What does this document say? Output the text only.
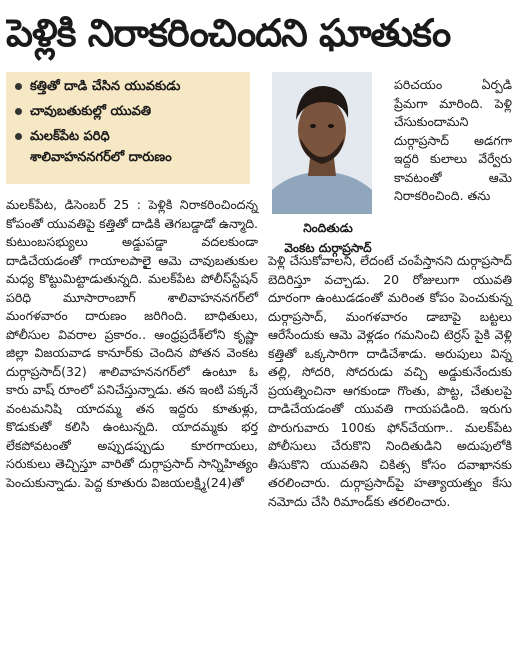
పెళ్లికి నిరాకరించిందని ఘాతుకం
కత్తితో దాడి చేసిన యువకుడు
చావుబతుకుల్లో యువతి
మలక్‌పేట పరిధి
శాలివాహననగర్‌లో దారుణం
నిందితుడు
వెంకట దుర్గాప్రసాద్

పరిచయం ఏర్పడి ప్రేమగా మారింది. పెళ్లి చేసుకుందామని దుర్గాప్రసాద్ అడగగా ఇద్దరి కులాలు వేర్వేరు కావటంతో ఆమె నిరాకరించింది. తను

మలక్‌పేట, డిసెంబర్ 25 : పెళ్లికి నిరాకరించిందన్న కోపంతో యువతిపై కత్తితో దాడికి తెగబడ్డాడో ఉన్మాది. కుటుంబసభ్యులు అడ్డుపడ్డా వదలకుండా దాడిచేయడంతో గాయాలపాలైై ఆమె చావుబతుకుల మధ్య కొట్టుమిట్టాడుతున్నది. మలక్‌పేట పోలీస్‌స్టేషన్ పరిధి మూసారాంబాగ్ శాలివాహననగర్‌లో మంగళవారం దారుణం జరిగింది. బాధితులు, పోలీసుల వివరాల ప్రకారం.. ఆంధ్రప్రదేశ్‌లోని కృష్ణా జిల్లా విజయవాడ కానూర్‌కు చెందిన పోతన వెంకట దుర్గాప్రసాద్(32) శాలివాహననగర్‌లో ఉంటూ ఓ కారు వాష్ రూంలో పనిచేస్తున్నాడు. తన ఇంటి పక్కనే వంటమనిషి యాదమ్మ తన ఇద్దరు కూతుళ్లు, కొడుకుతో కలిసి ఉంటున్నది. యాదమ్మకు భర్త లేకపోవటంతో అప్పుడప్పుడు కూరగాయలు, సరుకులు తెచ్చిస్తూ వారితో దుర్గాప్రసాద్ సాన్నిహిత్యం పెంచుకున్నాడు. పెద్ద కూతురు విజయలక్ష్మి(24)తో

పెళ్లి చేసుకోవాలని, లేదంటే చంపేస్తానని దుర్గాప్రసాద్ బెదిరిస్తూ వచ్చాడు. 20 రోజులుగా యువతి దూరంగా ఉంటుడడంతో మరింత కోపం పెంచుకున్న దుర్గాప్రసాద్, మంగళవారం డాబాపై బట్టలు ఆరేసేందుకు ఆమె వెళ్లడం గమనించి టెర్రస్ పైకి వెళ్లి కత్తితో ఒక్కసారిగా దాడిచేశాడు. అరుపులు విన్న తల్లి, సోదరి, సోదరుడు వచ్చి అడ్డుకునేందుకు ప్రయత్నించినా ఆగకుండా గొంతు, పొట్ట, చేతులపై దాడిచేయడంతో యువతి గాయపడింది. ఇరుగు పొరుగువారు 100కు ఫోన్‌చేయగా.. మలక్‌పేట పోలీసులు చేరుకొని నిందితుడిని అదుపులోకి తీసుకొని యువతిని చికిత్స కోసం దవాఖానకు తరలించారు. దుర్గాప్రసాద్‌పై హత్యాయత్నం కేసు నమోదు చేసి రిమాండ్‌కు తరలించారు.
